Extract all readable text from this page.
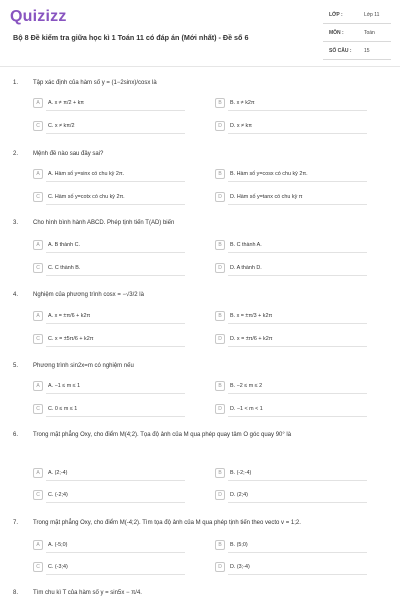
Quizizz
Bộ 8 Đề kiểm tra giữa học kì 1 Toán 11 có đáp án (Mới nhất) - Đề số 6
LỚP :	Lớp 11
MÔN :	Toán
SỐ CÂU :	15
1. Tập xác định của hàm số y = (1−2sinx)/cosx là
A	A. x ≠ π/2 + kπ	B	B. x ≠ k2π
C	C. x ≠ kπ/2	D	D. x ≠ kπ
2. Mệnh đề nào sau đây sai?
A	A. Hàm số y=sinx có chu kỳ 2π.	B	B. Hàm số y=cosx có chu kỳ 2π.
C	C. Hàm số y=cotx có chu kỳ 2π.	D	D. Hàm số y=tanx có chu kỳ π
3. Cho hình bình hành ABCD. Phép tịnh tiến T(AD) biến
A	A. B thành C.	B	B. C thành A.
C	C. C thành B.	D	D. A thành D.
4. Nghiệm của phương trình cosx = −√3/2 là
A	A. x = ±π/6 + k2π	B	B. x = ±π/3 + k2π
C	C. x = ±5π/6 + k2π	D	D. x = ±π/6 + k2π
5. Phương trình sin2x=m có nghiệm nếu
A	A. −1 ≤ m ≤ 1	B	B. −2 ≤ m ≤ 2
C	C. 0 ≤ m ≤ 1	D	D. −1 < m < 1
6. Trong mặt phẳng Oxy, cho điểm M(4;2). Tọa độ ảnh của M qua phép quay tâm O góc quay 90° là
A	A. (2;-4)	B	B. (-2;-4)
C	C. (-2;4)	D	D. (2;4)
7. Trong mặt phẳng Oxy, cho điểm M(-4;2). Tìm tọa độ ảnh của M qua phép tịnh tiến theo vecto v = 1;2.
A	A. (-5;0)	B	B. (5;0)
C	C. (-3;4)	D	D. (3;-4)
8. Tìm chu kì T của hàm số y = sin5x − π/4.
